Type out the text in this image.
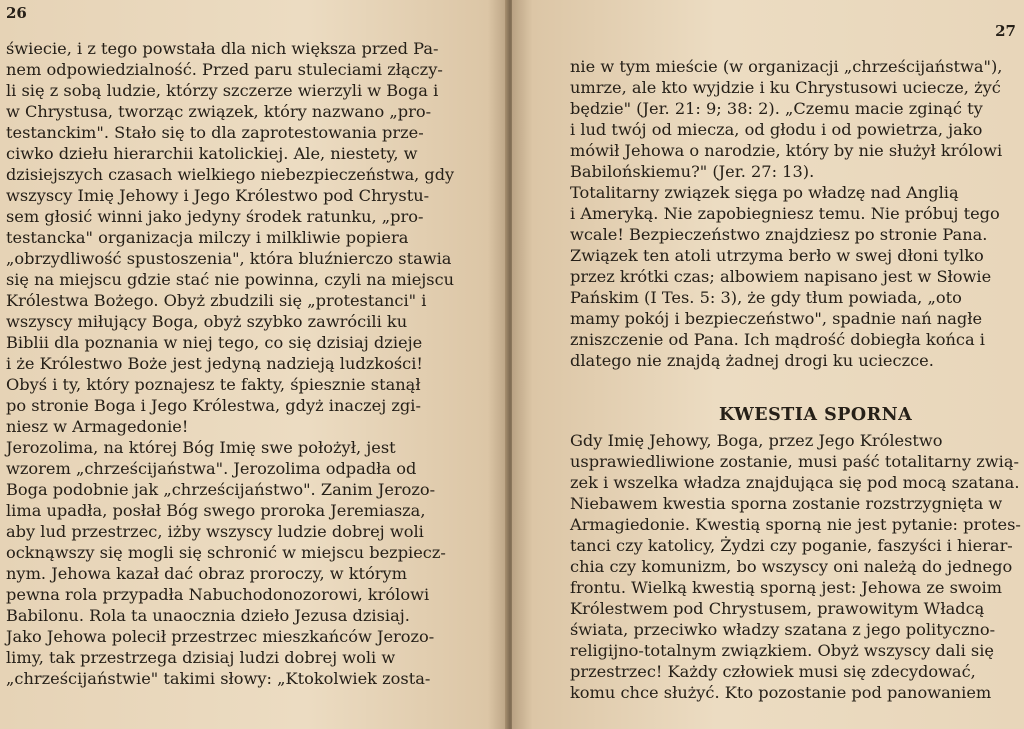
26
świecie, i z tego powstała dla nich większa przed Pa-
nem odpowiedzialność. Przed paru stuleciami złączy-
li się z sobą ludzie, którzy szczerze wierzyli w Boga i
w Chrystusa, tworząc związek, który nazwano „pro-
testanckim". Stało się to dla zaprotestowania prze-
ciwko dziełu hierarchii katolickiej. Ale, niestety, w
dzisiejszych czasach wielkiego niebezpieczeństwa, gdy
wszyscy Imię Jehowy i Jego Królestwo pod Chrystu-
sem głosić winni jako jedyny środek ratunku, „pro-
testancka" organizacja milczy i milkliwie popiera
„obrzydliwość spustoszenia", która bluźnierczo stawia
się na miejscu gdzie stać nie powinna, czyli na miejscu
Królestwa Bożego. Obyż zbudzili się „protestanci" i
wszyscy miłujący Boga, obyż szybko zawrócili ku
Biblii dla poznania w niej tego, co się dzisiaj dzieje
i że Królestwo Boże jest jedyną nadzieją ludzkości!
Obyś i ty, który poznajesz te fakty, śpiesznie stanął
po stronie Boga i Jego Królestwa, gdyż inaczej zgi-
niesz w Armagedonie!
Jerozolima, na której Bóg Imię swe położył, jest
wzorem „chrześcijaństwa". Jerozolima odpadła od
Boga podobnie jak „chrześcijaństwo". Zanim Jerozo-
lima upadła, posłał Bóg swego proroka Jeremiasza,
aby lud przestrzec, iżby wszyscy ludzie dobrej woli
ocknąwszy się mogli się schronić w miejscu bezpiecz-
nym. Jehowa kazał dać obraz proroczy, w którym
pewna rola przypadła Nabuchodonozorowi, królowi
Babilonu. Rola ta unaocznia dzieło Jezusa dzisiaj.
Jako Jehowa polecił przestrzec mieszkańców Jerozo-
limy, tak przestrzega dzisiaj ludzi dobrej woli w
„chrześcijaństwie" takimi słowy: „Ktokolwiek zosta-
27
nie w tym mieście (w organizacji „chrześcijaństwa"),
umrze, ale kto wyjdzie i ku Chrystusowi uciecze, żyć
będzie" (Jer. 21: 9; 38: 2). „Czemu macie zginąć ty
i lud twój od miecza, od głodu i od powietrza, jako
mówił Jehowa o narodzie, który by nie służył królowi
Babilońskiemu?" (Jer. 27: 13).
Totalitarny związek sięga po władzę nad Anglią
i Ameryką. Nie zapobiegniesz temu. Nie próbuj tego
wcale! Bezpieczeństwo znajdziesz po stronie Pana.
Związek ten atoli utrzyma berło w swej dłoni tylko
przez krótki czas; albowiem napisano jest w Słowie
Pańskim (I Tes. 5: 3), że gdy tłum powiada, „oto
mamy pokój i bezpieczeństwo", spadnie nań nagłe
zniszczenie od Pana. Ich mądrość dobiegła końca i
dlatego nie znajdą żadnej drogi ku ucieczce.
KWESTIA SPORNA
Gdy Imię Jehowy, Boga, przez Jego Królestwo
usprawiedliwione zostanie, musi paść totalitarny zwią-
zek i wszelka władza znajdująca się pod mocą szatana.
Niebawem kwestia sporna zostanie rozstrzygnięta w
Armagiedonie. Kwestią sporną nie jest pytanie: protes-
tanci czy katolicy, Żydzi czy poganie, faszyści i hierar-
chia czy komunizm, bo wszyscy oni należą do jednego
frontu. Wielką kwestią sporną jest: Jehowa ze swoim
Królestwem pod Chrystusem, prawowitym Władcą
świata, przeciwko władzy szatana z jego polityczno-
religijno-totalnym związkiem. Obyż wszyscy dali się
przestrzec! Każdy człowiek musi się zdecydować,
komu chce służyć. Kto pozostanie pod panowaniem
